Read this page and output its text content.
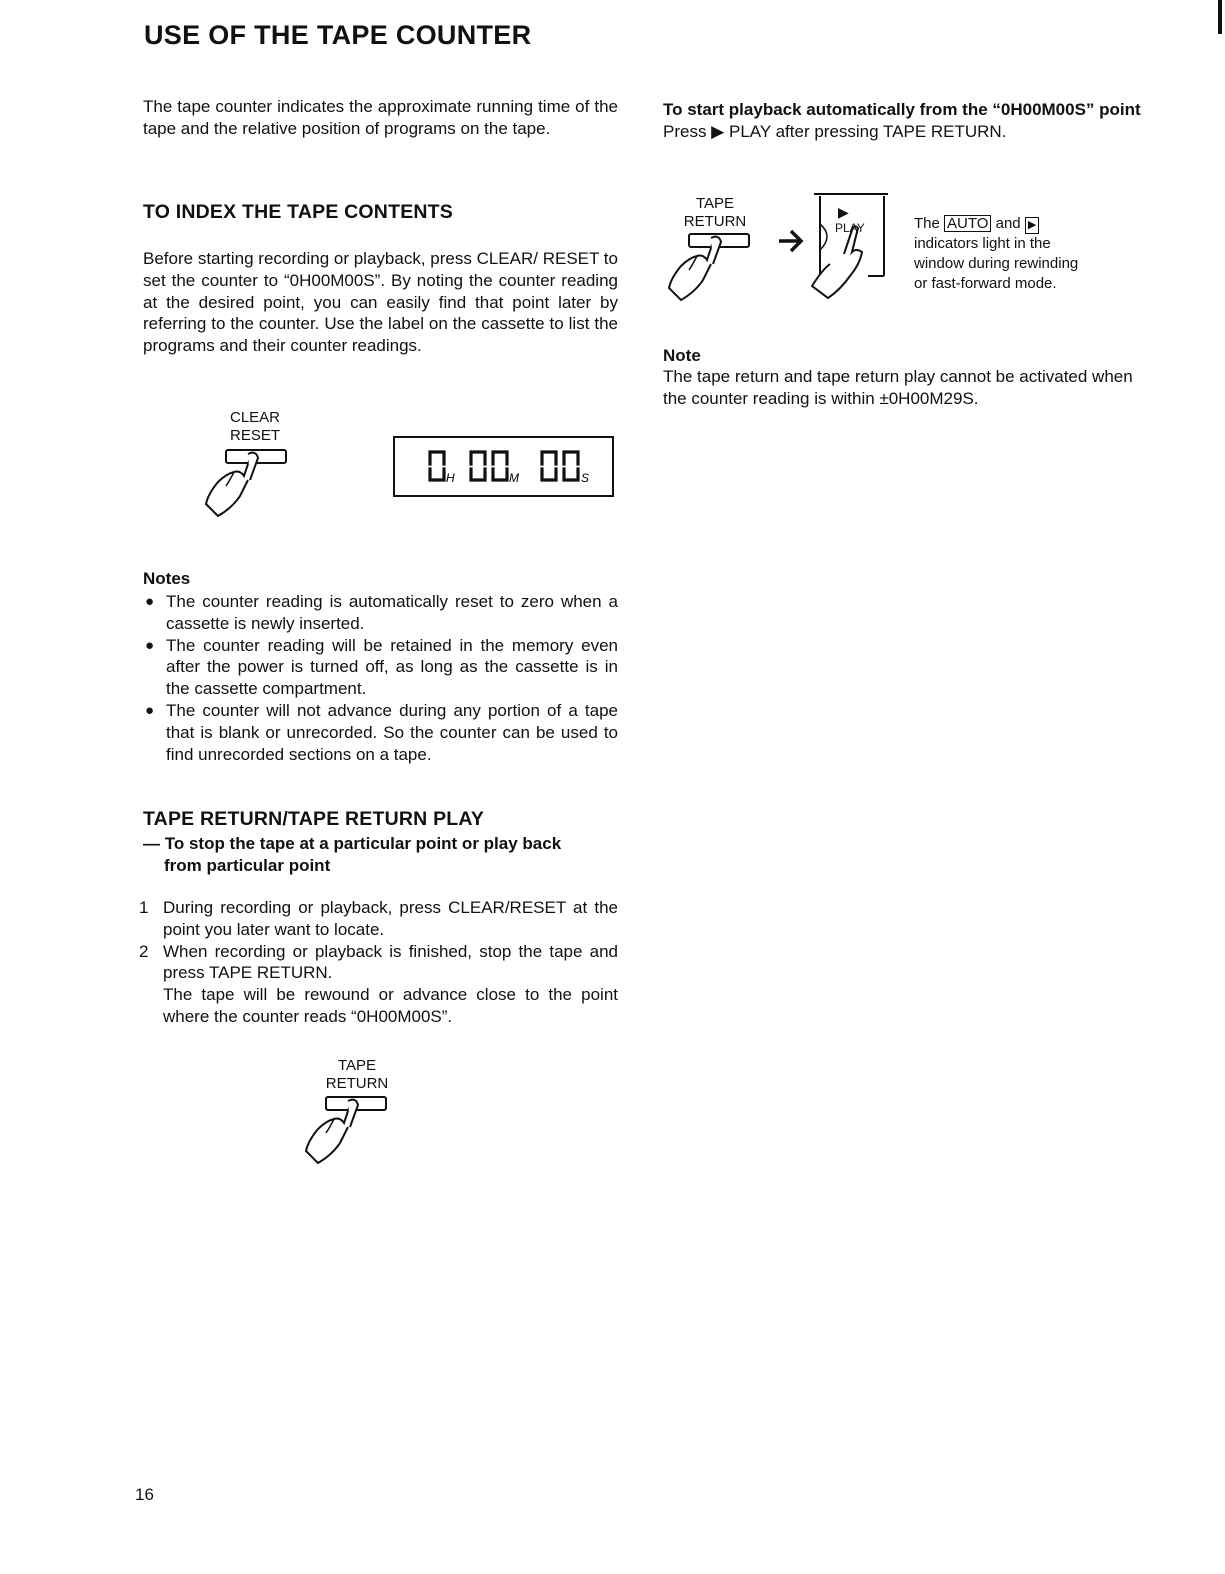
USE OF THE TAPE COUNTER

The tape counter indicates the approximate running time of the tape and the relative position of programs on the tape.

TO INDEX THE TAPE CONTENTS

Before starting recording or playback, press CLEAR/ RESET to set the counter to “0H00M00S”. By noting the counter reading at the desired point, you can easily find that point later by referring to the counter. Use the label on the cassette to list the programs and their counter readings.

CLEAR
RESET
H	M	S

Notes

● The counter reading is automatically reset to zero when a cassette is newly inserted.
● The counter reading will be retained in the memory even after the power is turned off, as long as the cassette is in the cassette compartment.
● The counter will not advance during any portion of a tape that is blank or unrecorded. So the counter can be used to find unrecorded sections on a tape.
TAPE RETURN/TAPE RETURN PLAY

— To stop the tape at a particular point or play back

from particular point

1 During recording or playback, press CLEAR/RESET at the point you later want to locate.
2 When recording or playback is finished, stop the tape and press TAPE RETURN.

The tape will be rewound or advance close to the point where the counter reads “0H00M00S”.

TAPE
RETURN

To start playback automatically from the “0H00M00S” point

Press ▶ PLAY after pressing TAPE RETURN.

TAPE
RETURN
▶
PLAY	The AUTO and ▶
indicators light in the
window during rewinding
or fast-forward mode.

Note

The tape return and tape return play cannot be activated when the counter reading is within ±0H00M29S.

16
